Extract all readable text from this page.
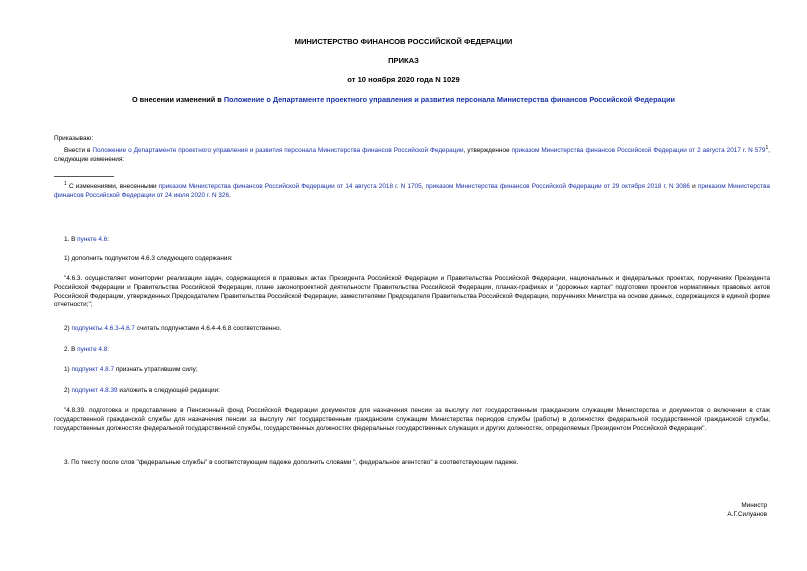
МИНИСТЕРСТВО ФИНАНСОВ РОССИЙСКОЙ ФЕДЕРАЦИИ

ПРИКАЗ

от 10 ноября 2020 года N 1029

О внесении изменений в Положение о Департаменте проектного управления и развития персонала Министерства финансов Российской Федерации

Приказываю:

Внести в Положение о Департаменте проектного управления и развития персонала Министерства финансов Российской Федерации, утвержденное приказом Министерства финансов Российской Федерации от 2 августа 2017 г. N $579^1$, следующие изменения:

$^1$ С изменениями, внесенными приказом Министерства финансов Российской Федерации от 14 августа 2018 г. N 1705, приказом Министерства финансов Российской Федерации от 29 октября 2018 г. N 3086 и приказом Министерства финансов Российской Федерации от 24 июля 2020 г. N 326.

1. В пункте 4.6:

1) дополнить подпунктом 4.6.3 следующего содержания:

"4.6.3. осуществляет мониторинг реализации задач, содержащихся в правовых актах Президента Российской Федерации и Правительства Российской Федерации, национальных и федеральных проектах, поручениях Президента Российской Федерации и Правительства Российской Федерации, плане законопроектной деятельности Правительства Российской Федерации, планах-графиках и "дорожных картах" подготовки проектов нормативных правовых актов Российской Федерации, утвержденных Председателем Правительства Российской Федерации, заместителями Председателя Правительства Российской Федерации, поручениях Министра на основе данных, содержащихся в единой форме отчетности;";

2) подпункты 4.6.3-4.6.7 считать подпунктами 4.6.4-4.6.8 соответственно.

2. В пункте 4.8:

1) подпункт 4.8.7 признать утратившим силу;

2) подпункт 4.8.39 изложить в следующей редакции:

"4.8.39. подготовка и представление в Пенсионный фонд Российской Федерации документов для назначения пенсии за выслугу лет государственным гражданским служащим Министерства и документов о включении в стаж государственной гражданской службы для назначения пенсии за выслугу лет государственным гражданским служащим Министерства периодов службы (работы) в должностях федеральной государственной гражданской службы, государственных должностях федеральной государственной службы, государственных должностях федеральных государственных служащих и других должностях, определяемых Президентом Российской Федерации".

3. По тексту после слов "федеральные службы" в соответствующем падеже дополнить словами ", федеральное агентство" в соответствующем падеже.

Министр

А.Г.Силуанов
